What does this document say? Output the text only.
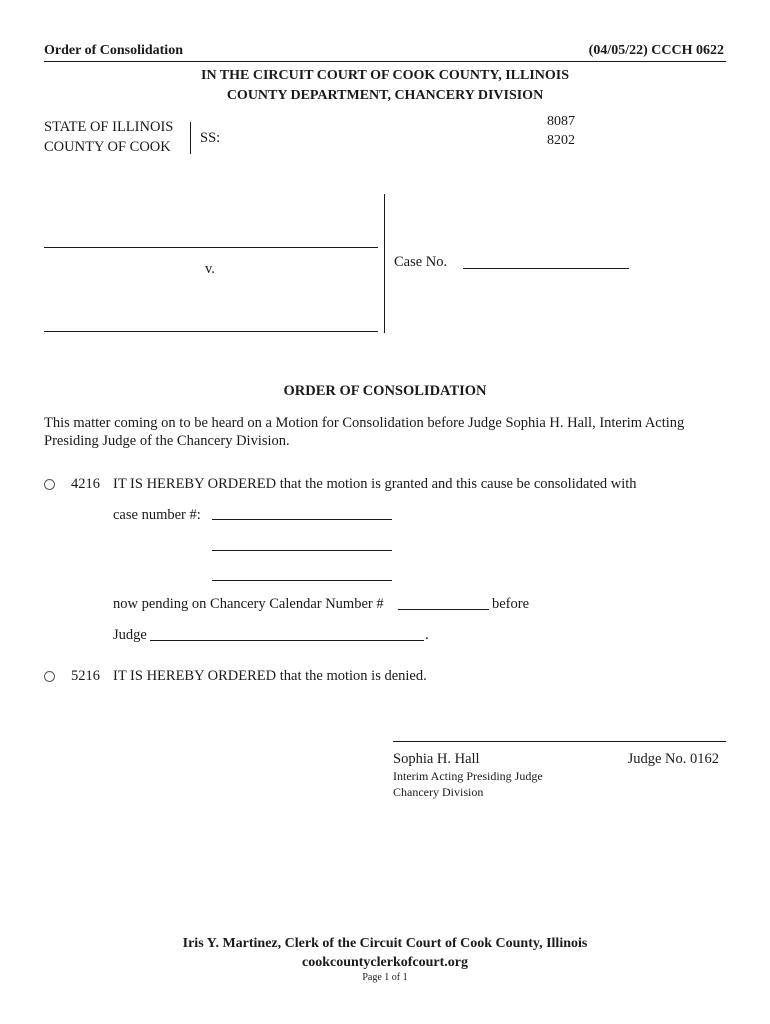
Order of Consolidation	(04/05/22) CCCH 0622
IN THE CIRCUIT COURT OF COOK COUNTY, ILLINOIS
COUNTY DEPARTMENT, CHANCERY DIVISION
STATE OF ILLINOIS
COUNTY OF COOK
SS:
8087
8202
v.	Case No.
ORDER OF CONSOLIDATION
This matter coming on to be heard on a Motion for Consolidation before Judge Sophia H. Hall, Interim Acting
Presiding Judge of the Chancery Division.
4216 IT IS HEREBY ORDERED that the motion is granted and this cause be consolidated with
case number #:
now pending on Chancery Calendar Number #	before
Judge	.
5216 IT IS HEREBY ORDERED that the motion is denied.
Sophia H. Hall	Judge No. 0162
Interim Acting Presiding Judge
Chancery Division
Iris Y. Martinez, Clerk of the Circuit Court of Cook County, Illinois
cookcountyclerkofcourt.org
Page 1 of 1
